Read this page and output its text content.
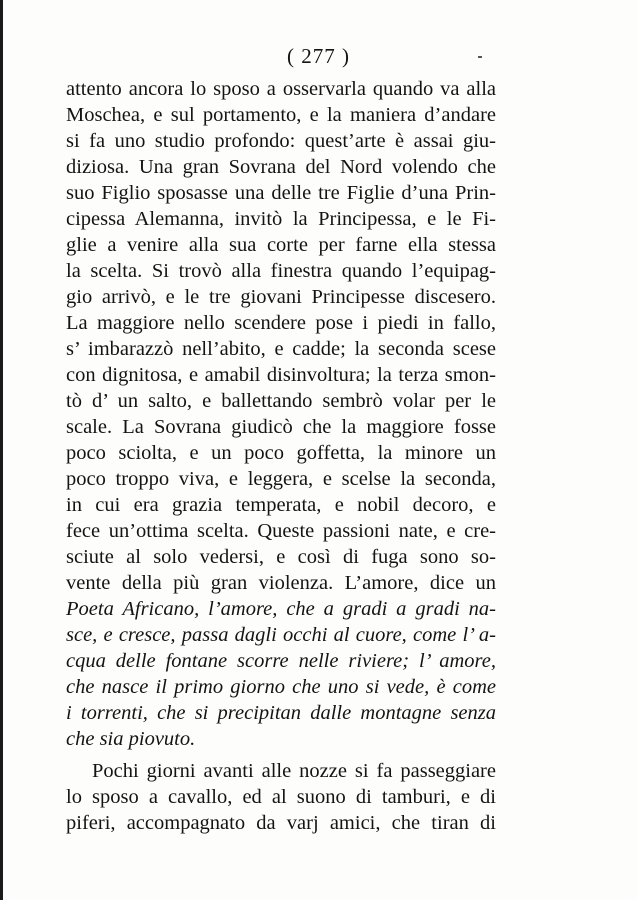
( 277 )
attento ancora lo sposo a osservarla quando va alla
Moschea, e sul portamento, e la maniera d’andare
si fa uno studio profondo: quest’arte è assai giu-
diziosa. Una gran Sovrana del Nord volendo che
suo Figlio sposasse una delle tre Figlie d’una Prin-
cipessa Alemanna, invitò la Principessa, e le Fi-
glie a venire alla sua corte per farne ella stessa
la scelta. Si trovò alla finestra quando l’equipag-
gio arrivò, e le tre giovani Principesse discesero.
La maggiore nello scendere pose i piedi in fallo,
s’ imbarazzò nell’abito, e cadde; la seconda scese
con dignitosa, e amabil disinvoltura; la terza smon-
tò d’ un salto, e ballettando sembrò volar per le
scale. La Sovrana giudicò che la maggiore fosse
poco sciolta, e un poco goffetta, la minore un
poco troppo viva, e leggera, e scelse la seconda,
in cui era grazia temperata, e nobil decoro, e
fece un’ottima scelta. Queste passioni nate, e cre-
sciute al solo vedersi, e così di fuga sono so-
vente della più gran violenza. L’amore, dice un
Poeta Africano, l’amore, che a gradi a gradi na-
sce, e cresce, passa dagli occhi al cuore, come l’ a-
cqua delle fontane scorre nelle riviere; l’ amore,
che nasce il primo giorno che uno si vede, è come
i torrenti, che si precipitan dalle montagne senza
che sia piovuto.
Pochi giorni avanti alle nozze si fa passeggiare
lo sposo a cavallo, ed al suono di tamburi, e di
piferi, accompagnato da varj amici, che tiran di
